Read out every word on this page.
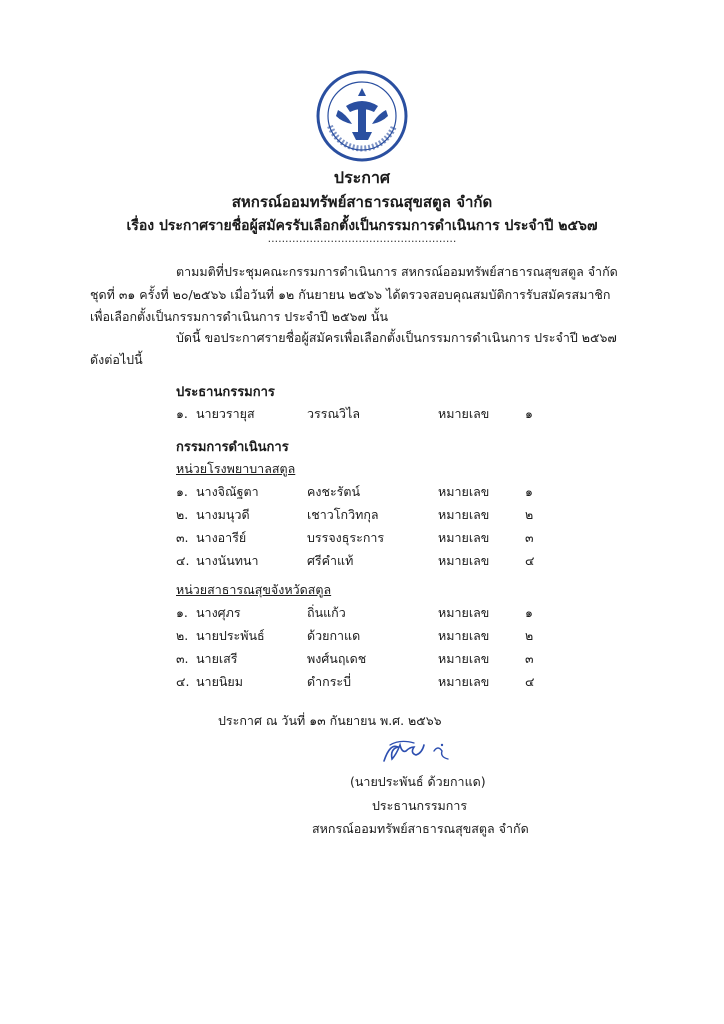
ประกาศ
สหกรณ์ออมทรัพย์สาธารณสุขสตูล จำกัด
เรื่อง ประกาศรายชื่อผู้สมัครรับเลือกตั้งเป็นกรรมการดำเนินการ ประจำปี ๒๕๖๗
......................................................
ตามมติที่ประชุมคณะกรรมการดำเนินการ สหกรณ์ออมทรัพย์สาธารณสุขสตูล จำกัด
ชุดที่ ๓๑ ครั้งที่ ๒๐/๒๕๖๖ เมื่อวันที่ ๑๒ กันยายน ๒๕๖๖ ได้ตรวจสอบคุณสมบัติการรับสมัครสมาชิก
เพื่อเลือกตั้งเป็นกรรมการดำเนินการ ประจำปี ๒๕๖๗ นั้น
บัดนี้ ขอประกาศรายชื่อผู้สมัครเพื่อเลือกตั้งเป็นกรรมการดำเนินการ ประจำปี ๒๕๖๗
ดังต่อไปนี้
ประธานกรรมการ
๑. นายวรายุส	วรรณวิไล	หมายเลข	๑
กรรมการดำเนินการ
หน่วยโรงพยาบาลสตูล
๑. นางจิณัฐตา	คงชะรัตน์	หมายเลข	๑
๒. นางมนุวดี	เชาวโกวิทกุล	หมายเลข	๒
๓. นางอารีย์	บรรจงธุระการ	หมายเลข	๓
๔. นางนันทนา	ศรีคำแท้	หมายเลข	๔
หน่วยสาธารณสุขจังหวัดสตูล
๑. นางศุภร	ถิ่นแก้ว	หมายเลข	๑
๒. นายประพันธ์	ด้วยกาแด	หมายเลข	๒
๓. นายเสรี	พงศ์นฤเดช	หมายเลข	๓
๔. นายนิยม	ดำกระบี่	หมายเลข	๔
ประกาศ ณ วันที่ ๑๓ กันยายน พ.ศ. ๒๕๖๖
(นายประพันธ์ ด้วยกาแด)
ประธานกรรมการ
สหกรณ์ออมทรัพย์สาธารณสุขสตูล จำกัด
